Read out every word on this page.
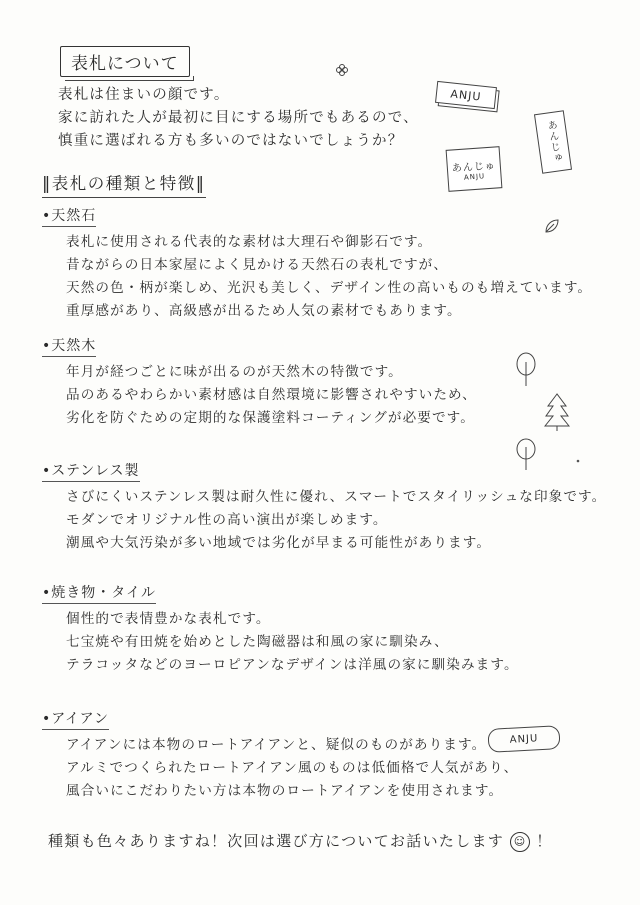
表札について
表札は住まいの顔です。
家に訪れた人が最初に目にする場所でもあるので、
慎重に選ばれる方も多いのではないでしょうか？
‖表札の種類と特徴‖
•天然石
表札に使用される代表的な素材は大理石や御影石です。
昔ながらの日本家屋によく見かける天然石の表札ですが、
天然の色・柄が楽しめ、光沢も美しく、デザイン性の高いものも増えています。
重厚感があり、高級感が出るため人気の素材でもあります。
•天然木
年月が経つごとに味が出るのが天然木の特徴です。
品のあるやわらかい素材感は自然環境に影響されやすいため、
劣化を防ぐための定期的な保護塗料コーティングが必要です。
•ステンレス製
さびにくいステンレス製は耐久性に優れ、スマートでスタイリッシュな印象です。
モダンでオリジナル性の高い演出が楽しめます。
潮風や大気汚染が多い地域では劣化が早まる可能性があります。
•焼き物・タイル
個性的で表情豊かな表札です。
七宝焼や有田焼を始めとした陶磁器は和風の家に馴染み、
テラコッタなどのヨーロピアンなデザインは洋風の家に馴染みます。
•アイアン
アイアンには本物のロートアイアンと、疑似のものがあります。
アルミでつくられたロートアイアン風のものは低価格で人気があり、
風合いにこだわりたい方は本物のロートアイアンを使用されます。
種類も色々ありますね！次回は選び方についてお話いたします ☺ ！
ANJU
あんじゅ
ANJU
あんじゅ
ANJU
